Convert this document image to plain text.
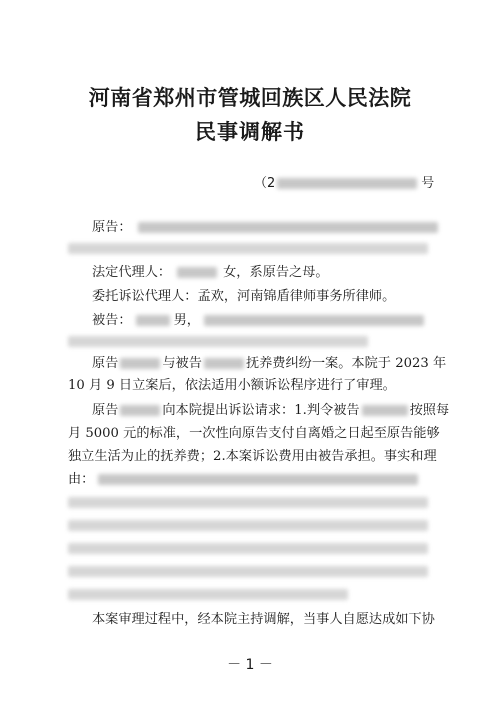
河南省郑州市管城回族区人民法院
民事调解书
（2	号
原告：
法定代理人：	女，系原告之母。
委托诉讼代理人：孟欢，河南锦盾律师事务所律师。
被告：	男，
原告	与被告	抚养费纠纷一案。本院于 2023 年
10 月 9 日立案后，依法适用小额诉讼程序进行了审理。
原告	向本院提出诉讼请求：1.判令被告	按照每
月 5000 元的标准，一次性向原告支付自离婚之日起至原告能够
独立生活为止的抚养费；2.本案诉讼费用由被告承担。事实和理
由：
本案审理过程中，经本院主持调解，当事人自愿达成如下协
－ 1 －
